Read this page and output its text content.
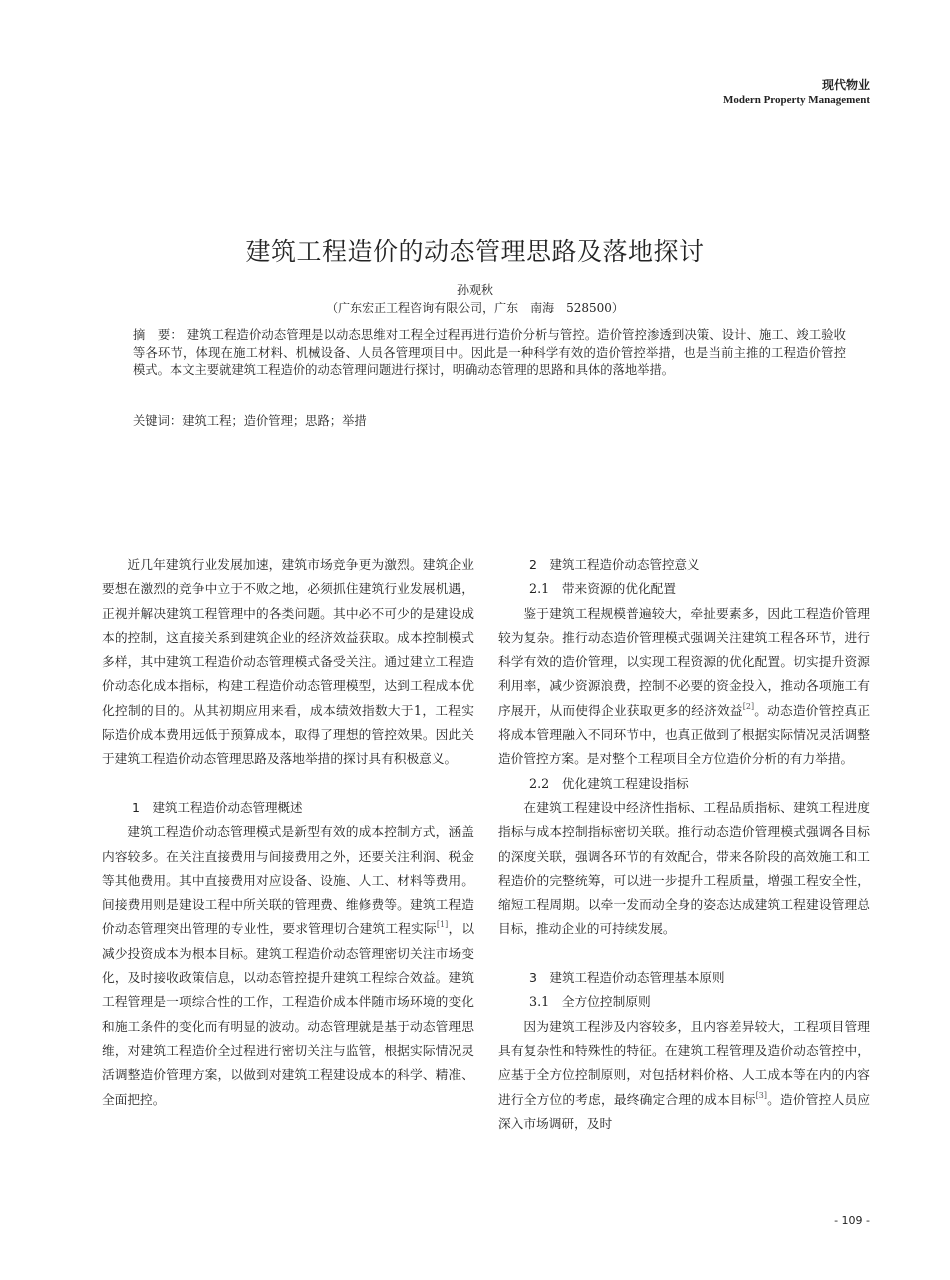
现代物业
Modern Property Management
建筑工程造价的动态管理思路及落地探讨
孙观秋
（广东宏正工程咨询有限公司，广东　南海　528500）
摘　要： 建筑工程造价动态管理是以动态思维对工程全过程再进行造价分析与管控。造价管控渗透到决策、设计、施工、竣工验收等各环节，体现在施工材料、机械设备、人员各管理项目中。因此是一种科学有效的造价管控举措，也是当前主推的工程造价管控模式。本文主要就建筑工程造价的动态管理问题进行探讨，明确动态管理的思路和具体的落地举措。
关键词：建筑工程；造价管理；思路；举措

近几年建筑行业发展加速，建筑市场竞争更为激烈。建筑企业要想在激烈的竞争中立于不败之地，必须抓住建筑行业发展机遇，正视并解决建筑工程管理中的各类问题。其中必不可少的是建设成本的控制，这直接关系到建筑企业的经济效益获取。成本控制模式多样，其中建筑工程造价动态管理模式备受关注。通过建立工程造价动态化成本指标，构建工程造价动态管理模型，达到工程成本优化控制的目的。从其初期应用来看，成本绩效指数大于1，工程实际造价成本费用远低于预算成本，取得了理想的管控效果。因此关于建筑工程造价动态管理思路及落地举措的探讨具有积极意义。

1　建筑工程造价动态管理概述

建筑工程造价动态管理模式是新型有效的成本控制方式，涵盖内容较多。在关注直接费用与间接费用之外，还要关注利润、税金等其他费用。其中直接费用对应设备、设施、人工、材料等费用。间接费用则是建设工程中所关联的管理费、维修费等。建筑工程造价动态管理突出管理的专业性，要求管理切合建筑工程实际[1]，以减少投资成本为根本目标。建筑工程造价动态管理密切关注市场变化，及时接收政策信息，以动态管控提升建筑工程综合效益。建筑工程管理是一项综合性的工作，工程造价成本伴随市场环境的变化和施工条件的变化而有明显的波动。动态管理就是基于动态管理思维，对建筑工程造价全过程进行密切关注与监管，根据实际情况灵活调整造价管理方案，以做到对建筑工程建设成本的科学、精准、全面把控。

2　建筑工程造价动态管控意义
2.1　带来资源的优化配置

鉴于建筑工程规模普遍较大，牵扯要素多，因此工程造价管理较为复杂。推行动态造价管理模式强调关注建筑工程各环节，进行科学有效的造价管理，以实现工程资源的优化配置。切实提升资源利用率，减少资源浪费，控制不必要的资金投入，推动各项施工有序展开，从而使得企业获取更多的经济效益[2]。动态造价管控真正将成本管理融入不同环节中，也真正做到了根据实际情况灵活调整造价管控方案。是对整个工程项目全方位造价分析的有力举措。

2.2　优化建筑工程建设指标

在建筑工程建设中经济性指标、工程品质指标、建筑工程进度指标与成本控制指标密切关联。推行动态造价管理模式强调各目标的深度关联，强调各环节的有效配合，带来各阶段的高效施工和工程造价的完整统筹，可以进一步提升工程质量，增强工程安全性，缩短工程周期。以牵一发而动全身的姿态达成建筑工程建设管理总目标，推动企业的可持续发展。

3　建筑工程造价动态管理基本原则
3.1　全方位控制原则

因为建筑工程涉及内容较多，且内容差异较大，工程项目管理具有复杂性和特殊性的特征。在建筑工程管理及造价动态管控中，应基于全方位控制原则，对包括材料价格、人工成本等在内的内容进行全方位的考虑，最终确定合理的成本目标[3]。造价管控人员应深入市场调研，及时

- 109 -
